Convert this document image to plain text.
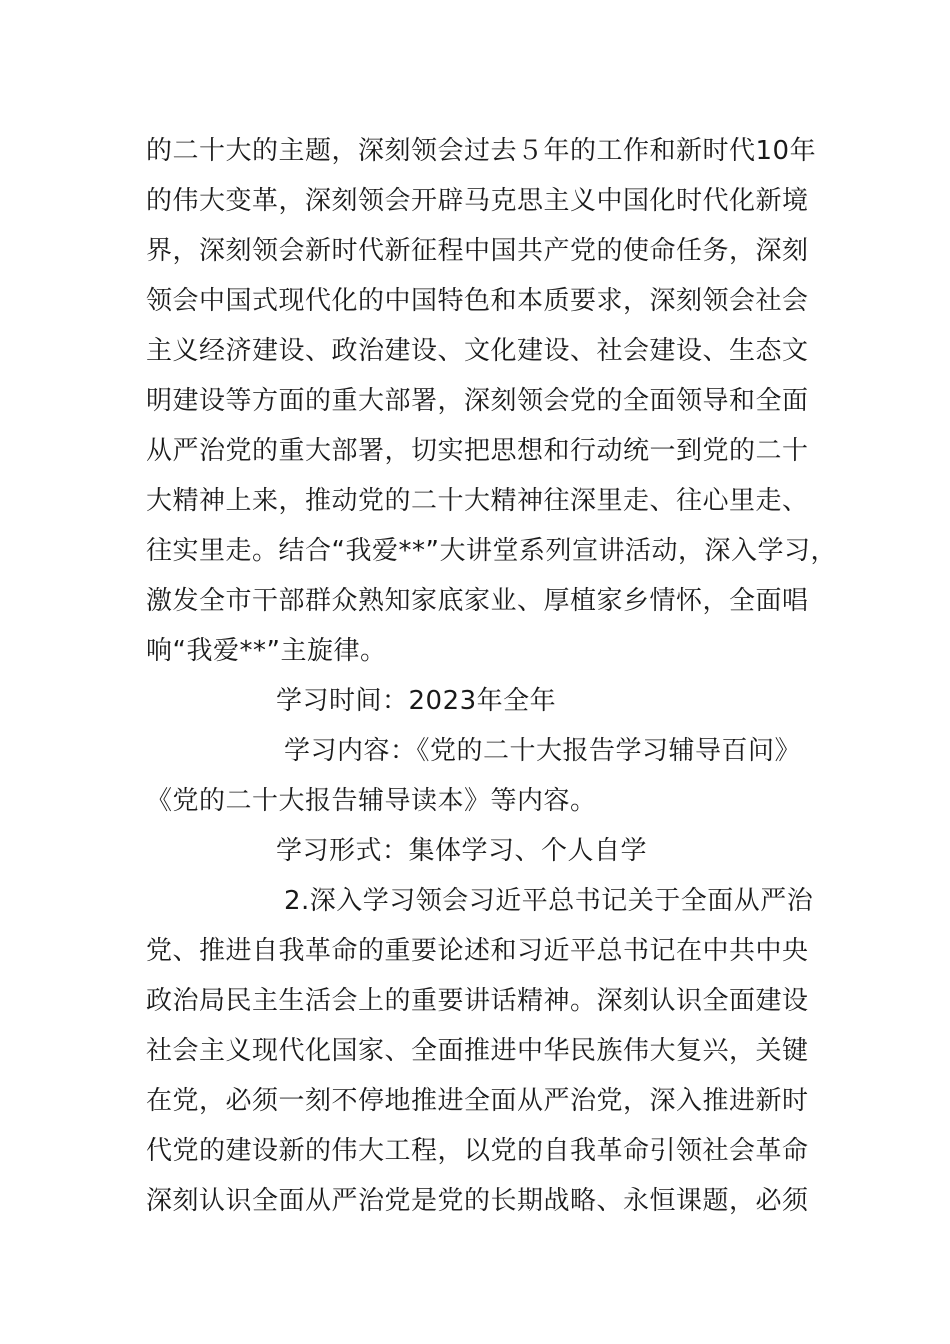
的二十大的主题，深刻领会过去５年的工作和新时代10年
的伟大变革，深刻领会开辟马克思主义中国化时代化新境
界，深刻领会新时代新征程中国共产党的使命任务，深刻
领会中国式现代化的中国特色和本质要求，深刻领会社会
主义经济建设、政治建设、文化建设、社会建设、生态文
明建设等方面的重大部署，深刻领会党的全面领导和全面
从严治党的重大部署，切实把思想和行动统一到党的二十
大精神上来，推动党的二十大精神往深里走、往心里走、
往实里走。结合“我爱**”大讲堂系列宣讲活动，深入学习，
激发全市干部群众熟知家底家业、厚植家乡情怀，全面唱
响“我爱**”主旋律。
学习时间：2023年全年
学习内容：《党的二十大报告学习辅导百问》
《党的二十大报告辅导读本》等内容。
学习形式：集体学习、个人自学
2.深入学习领会习近平总书记关于全面从严治
党、推进自我革命的重要论述和习近平总书记在中共中央
政治局民主生活会上的重要讲话精神。深刻认识全面建设
社会主义现代化国家、全面推进中华民族伟大复兴，关键
在党，必须一刻不停地推进全面从严治党，深入推进新时
代党的建设新的伟大工程，以党的自我革命引领社会革命
深刻认识全面从严治党是党的长期战略、永恒课题，必须
